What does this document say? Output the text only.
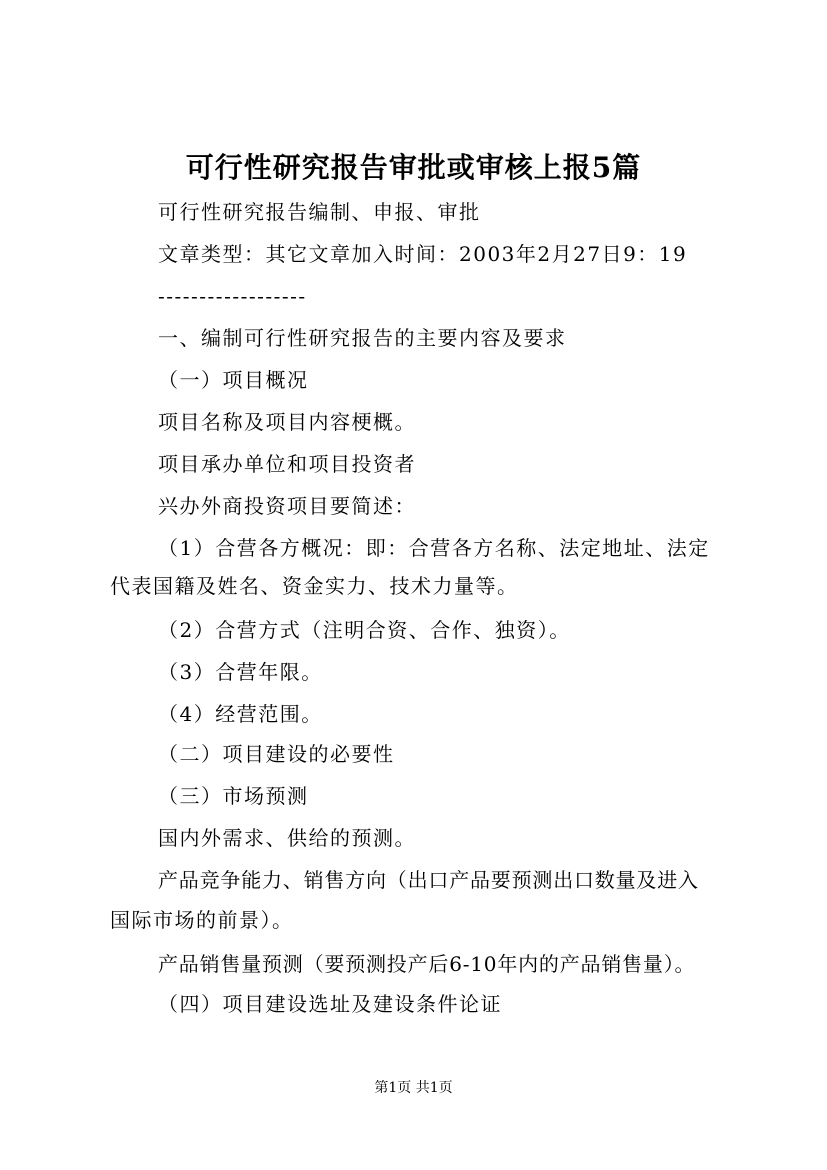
可行性研究报告审批或审核上报5篇
可行性研究报告编制、申报、审批
文章类型：其它文章加入时间：2003年2月27日9：19
------------------
一、编制可行性研究报告的主要内容及要求
（一）项目概况
项目名称及项目内容梗概。
项目承办单位和项目投资者
兴办外商投资项目要简述：
（1）合营各方概况：即：合营各方名称、法定地址、法定
代表国籍及姓名、资金实力、技术力量等。
（2）合营方式（注明合资、合作、独资）。
（3）合营年限。
（4）经营范围。
（二）项目建设的必要性
（三）市场预测
国内外需求、供给的预测。
产品竞争能力、销售方向（出口产品要预测出口数量及进入
国际市场的前景）。
产品销售量预测（要预测投产后6-10年内的产品销售量）。
（四）项目建设选址及建设条件论证
第1页 共1页
